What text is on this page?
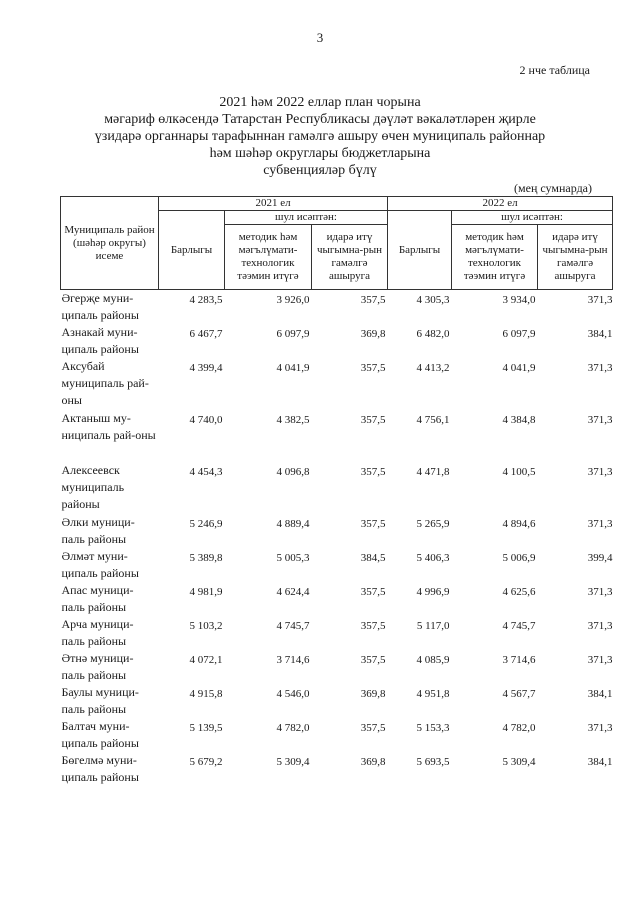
3
2 нче таблица
2021 һәм 2022 еллар план чорына
мәгариф өлкәсендә Татарстан Республикасы дәүләт вәкаләтләрен җирле
үзидарә органнары тарафыннан гамәлгә ашыру өчен муниципаль районнар
һәм шәһәр округлары бюджетларына
субвенцияләр бүлү
(мең сумнарда)
Муниципаль район (шәһәр округы) исеме	2021 ел			2022 ел		
	Барлыгы	шул исәптән:		Барлыгы	шул исәптән:	
		методик һәм мәгълүмати-технологик тәэмин итүгә	идарә итү чыгымна-рын гамәлгә ашыруга		методик һәм мәгълүмати-технологик тәэмин итүгә	идарә итү чыгымна-рын гамәлгә ашыруга
Әгерҗе муни-ципаль районы	4 283,5	3 926,0	357,5	4 305,3	3 934,0	371,3
Азнакай муни-ципаль районы	6 467,7	6 097,9	369,8	6 482,0	6 097,9	384,1
Аксубай муниципаль рай-оны	4 399,4	4 041,9	357,5	4 413,2	4 041,9	371,3
Актаныш му-ниципаль рай-оны	4 740,0	4 382,5	357,5	4 756,1	4 384,8	371,3
Алексеевск муниципаль районы	4 454,3	4 096,8	357,5	4 471,8	4 100,5	371,3
Әлки муници-паль районы	5 246,9	4 889,4	357,5	5 265,9	4 894,6	371,3
Әлмәт муни-ципаль районы	5 389,8	5 005,3	384,5	5 406,3	5 006,9	399,4
Апас муници-паль районы	4 981,9	4 624,4	357,5	4 996,9	4 625,6	371,3
Арча муници-паль районы	5 103,2	4 745,7	357,5	5 117,0	4 745,7	371,3
Әтнә муници-паль районы	4 072,1	3 714,6	357,5	4 085,9	3 714,6	371,3
Баулы муници-паль районы	4 915,8	4 546,0	369,8	4 951,8	4 567,7	384,1
Балтач муни-ципаль районы	5 139,5	4 782,0	357,5	5 153,3	4 782,0	371,3
Бөгелмә муни-ципаль районы	5 679,2	5 309,4	369,8	5 693,5	5 309,4	384,1
